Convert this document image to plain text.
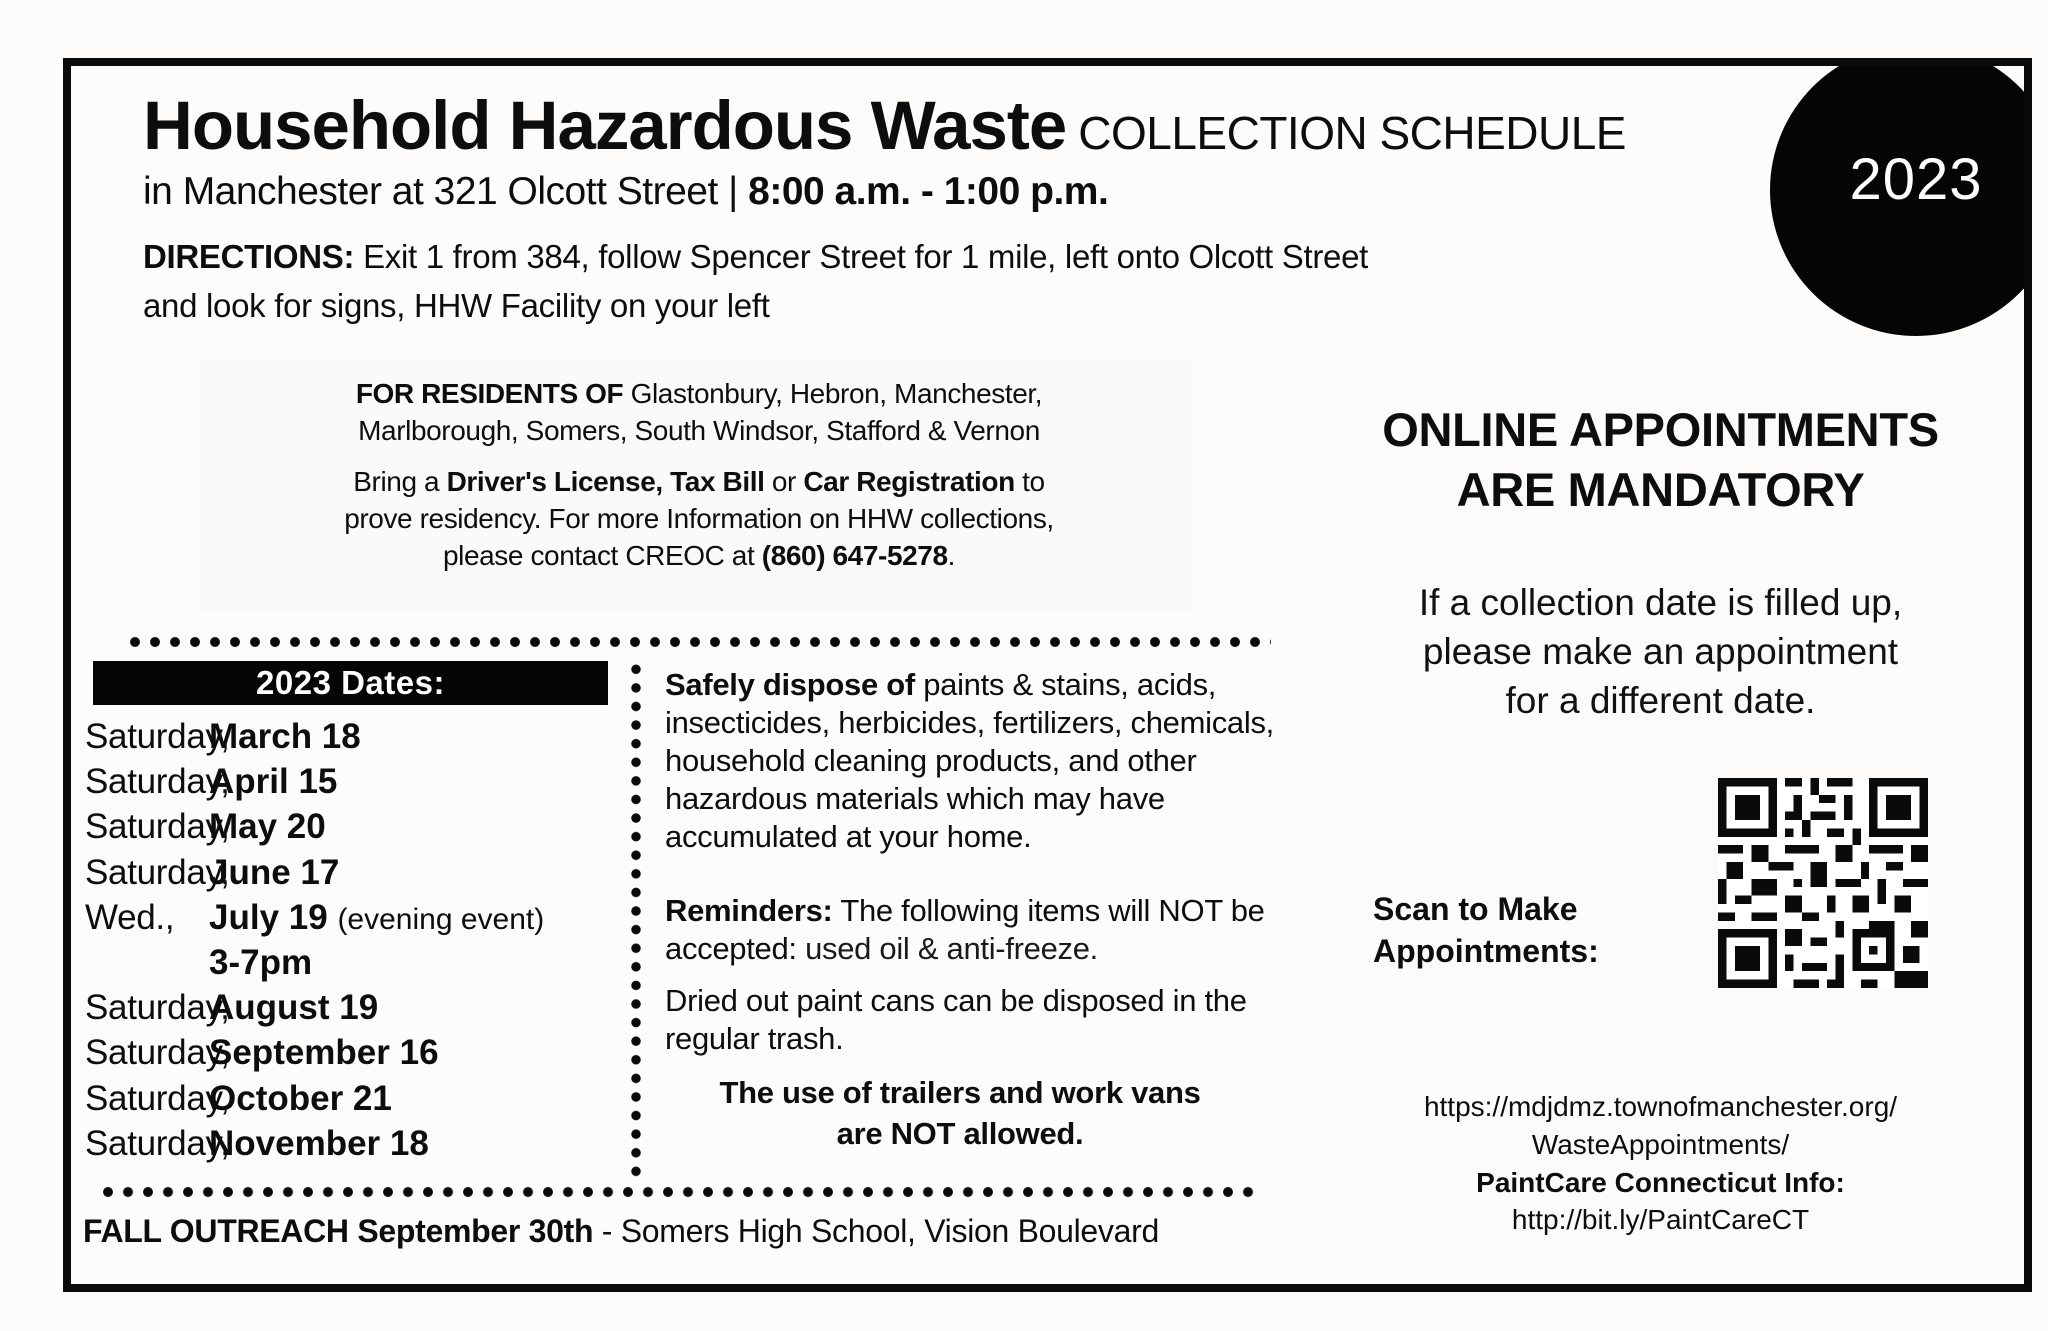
2023
Household Hazardous Waste COLLECTION SCHEDULE
in Manchester at 321 Olcott Street | 8:00 a.m. - 1:00 p.m.
DIRECTIONS: Exit 1 from 384, follow Spencer Street for 1 mile, left onto Olcott Street
and look for signs, HHW Facility on your left

FOR RESIDENTS OF Glastonbury, Hebron, Manchester,
Marlborough, Somers, South Windsor, Stafford & Vernon

Bring a Driver's License, Tax Bill or Car Registration to
prove residency. For more Information on HHW collections,
please contact CREOC at (860) 647-5278.

ONLINE APPOINTMENTS
ARE MANDATORY
If a collection date is filled up,
please make an appointment
for a different date.
Scan to Make
Appointments:
https://mdjdmz.townofmanchester.org/
WasteAppointments/
PaintCare Connecticut Info:
http://bit.ly/PaintCareCT
2023 Dates:
Saturday,
March 18
Saturday,
April 15
Saturday,
May 20
Saturday,
June 17
Wed., July 19 (evening event)
3-7pm
Saturday,
August 19
Saturday,
September 16
Saturday,
October 21
Saturday,
November 18

Safely dispose of paints & stains, acids, insecticides, herbicides, fertilizers, chemicals, household cleaning products, and other hazardous materials which may have accumulated at your home.

Reminders: The following items will NOT be accepted: used oil & anti-freeze.

Dried out paint cans can be disposed in the regular trash.

The use of trailers and work vans
are NOT allowed.

FALL OUTREACH September 30th - Somers High School, Vision Boulevard
